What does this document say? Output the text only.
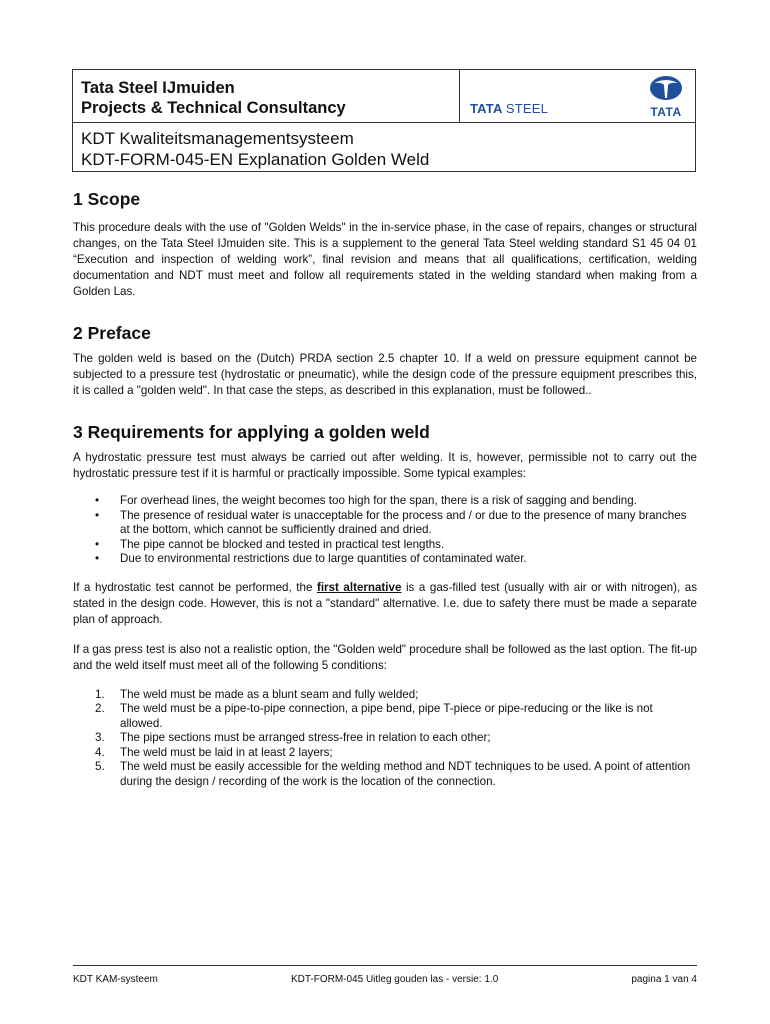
Tata Steel IJmuiden
Projects & Technical Consultancy	TATA STEEL	TATA
KDT Kwaliteitsmanagementsysteem
KDT-FORM-045-EN Explanation Golden Weld
1 Scope

This procedure deals with the use of "Golden Welds" in the in-service phase, in the case of repairs, changes or structural changes, on the Tata Steel IJmuiden site. This is a supplement to the general Tata Steel welding standard S1 45 04 01 “Execution and inspection of welding work”, final revision and means that all qualifications, certification, welding documentation and NDT must meet and follow all requirements stated in the welding standard when making from a Golden Las.

2 Preface

The golden weld is based on the (Dutch) PRDA section 2.5 chapter 10. If a weld on pressure equipment cannot be subjected to a pressure test (hydrostatic or pneumatic), while the design code of the pressure equipment prescribes this, it is called a "golden weld". In that case the steps, as described in this explanation, must be followed..

3 Requirements for applying a golden weld

A hydrostatic pressure test must always be carried out after welding. It is, however, permissible not to carry out the hydrostatic pressure test if it is harmful or practically impossible. Some typical examples:

• For overhead lines, the weight becomes too high for the span, there is a risk of sagging and bending.
• The presence of residual water is unacceptable for the process and / or due to the presence of many branches at the bottom, which cannot be sufficiently drained and dried.
• The pipe cannot be blocked and tested in practical test lengths.
• Due to environmental restrictions due to large quantities of contaminated water.

If a hydrostatic test cannot be performed, the first alternative is a gas-filled test (usually with air or with nitrogen), as stated in the design code. However, this is not a "standard" alternative. I.e. due to safety there must be made a separate plan of approach.

If a gas press test is also not a realistic option, the "Golden weld" procedure shall be followed as the last option. The fit-up and the weld itself must meet all of the following 5 conditions:

1. The weld must be made as a blunt seam and fully welded;
2. The weld must be a pipe-to-pipe connection, a pipe bend, pipe T-piece or pipe-reducing or the like is not allowed.
3. The pipe sections must be arranged stress-free in relation to each other;
4. The weld must be laid in at least 2 layers;
5. The weld must be easily accessible for the welding method and NDT techniques to be used. A point of attention during the design / recording of the work is the location of the connection.
KDT KAM-systeem	KDT-FORM-045 Uitleg gouden las - versie: 1.0	pagina 1 van 4
